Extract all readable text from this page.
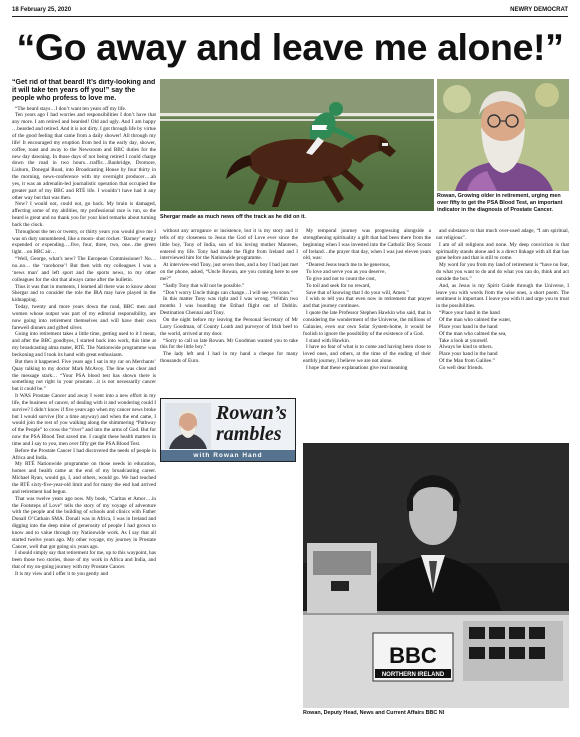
18 February 25, 2020	NEWRY DEMOCRAT
“Go away and leave me alone!”
“Get rid of that beard! It’s dirty-looking and it will take ten years off you!” say the people who profess to love me.

“The beard stays…I don’t want ten years off my life.

Ten years ago I had worries and responsibilities I don’t have that any more. I am retired and bearded! Old and ugly. And I am happy …bearded and retired. And it is not dirty. I got through life by virtue of the good feeling that came from a daily shower! All through my life! It encouraged my eruption from bed in the early day, shower, coffee, toast and away to the Newsroom and BBC duties for the new day dawning. In those days of not being retired I could charge down the road in two hours…traffic…Banbridge, Dromore, Lisburn, Donegal Road, into Broadcasting House by four thirty in the morning, news-conference with my overnight producer….ah yes, it was an adrenalin-led journalistic operation that occupied the greater part of my BBC and RTÉ life. I wouldn’t have had it any other way but that was then.

Now? I would not, could not, go back. My brain is damaged, affecting some of my abilities, my professional race is run, so the beard is great and no thank you for your kind remarks about turning back the clock.

Throughout the ten or twenty, or thirty years you would give me I was on duty unnumbered, like a moon- shot rocket. ‘Barney’ energy expended or expending….five, four, three, two, one…the green light…on BBC air…

“Well, George, what’s new? The European Commissioner? No…no..no… the ‘racehorse’! But then with my colleagues I was a ‘news man’ and left sport and the sports news, to my other colleagues for the slot that always came after the bulletin.

Thus it was that in moments, I learned all there was to know about Shergar and to consider the role the IRA may have played in the kidnapping.

Today, twenty and more years down the road, BBC men and women whose output was part of my editorial responsibility, are now going into retirement themselves and will have their own farewell dinners and gifted silver.

Going into retirement takes a little time, getting used to it I mean, and after the BBC goodbyes, I started back into work, this time at my broadcasting alma mater, RTÉ. The Nationwide programme was beckoning and I took its hand with great enthusiasm.

But then it happened. Five years ago I sat in my car on Merchants’ Quay talking to my doctor Mark McAvoy. The line was clear and the message stark… “Your PSA blood test has shown there is something not right in your prostate…it is not necessarily cancer but it could be.”

It WAS Prostate Cancer and away I went into a new effort in my life, the business of cancer, of dealing with it and wondering could I survive? I didn’t know if five years ago when my cancer news broke but I would survive (for a time anyway) and when the end came, I would join the rest of you walking along the shimmering “Pathway of the People” to cross the “river” and into the arms of God. But for now the PSA Blood Test saved me. I caught these health matters in time and I say to you, men over fifty get the PSA Blood Test.

Before the Prostate Cancer I had discovered the needs of people in Africa and India.

My RTÉ Nationwide programme on those needs in education, homes and health came at the end of my broadcasting career. Michael Ryan, would go, I, and others, would go. We had reached the RTÉ sixty-five-year-old limit and for many the end had arrived and retirement had begun.

That was twelve years ago now. My book, “Caritas et Amor….in the Footsteps of Love” tells the story of my voyage of adventure with the people and the building of schools and clinics with Father Donall O’Cathain SMA. Donall was in Africa, I was in Ireland and digging into the deep mine of generosity of people I had grown to know and to value through my Nationwide work. As I say that all started twelve years ago. My other voyage, my journey in Prostate Cancer, well that got going six years ago.

I should simply say that retirement for me, up to this waypoint, has been those two stories, those of my work in Africa and India, and that of my on-going journey with my Prostate Cancer.

It is my view and I offer it to you gently and

Shergar made as much news off the track as he did on it.
Rowan, Growing older in retirement, urging men over fifty to get the PSA Blood Test, an important indicator in the diagnosis of Prostate Cancer.

without any arrogance or insistence, but it is my story and it tells of my closeness to Jesus the God of Love ever since the little boy, Tony of India, son of his loving mother Maureen, entered my life. Tony had made the flight from Ireland and I interviewed him for the Nationwide programme.

At interview-end Tony, just seven then, and a boy I had just met on the phone, asked, “Uncle Rowan, are you coming here to see me?”

“Sadly Tony that will not be possible.”

“Don’t worry Uncle things can change…I will see you soon.”

In this matter Tony was right and I was wrong. “Within two months I was boarding the Etihad flight out of Dublin. Destination Chennai and Tony.

On the night before my leaving the Personal Secretary of Mr Larry Goodman, of County Louth and purveyor of Irish beef to the world, arrived at my door.

“Sorry to call so late Rowan. Mr Goodman wanted you to take this for the little boy.”

The lady left and I had in my hand a cheque for many thousands of Euro.

Rowan’s rambles
with Rowan Hand

My temporal journey was progressing alongside a strengthening spirituality a gift that had been there from the beginning when I was invested into the Catholic Boy Scouts of Ireland…the prayer that day, when I was just eleven years old, was:

“Dearest Jesus teach me to be generous,

To love and serve you as you deserve,

To give and not to count the cost,

To toil and seek for no reward,

Save that of knowing that I do your will, Amen.”

I wish to tell you that even now in retirement that prayer and that journey continues.

I quote the late Professor Stephen Hawkin who said, that in considering the wonderment of the Universe, the millions of Galaxies, even our own Solar System-home, it would be foolish to ignore the possibility of the existence of a God.

I stand with Hawkin.

I have no fear of what is to come and having been close to loved ones, and others, at the time of the ending of their earthly journey, I believe we are not alone.

I hope that these explanations give real meaning

and substance to that much over-used adage, “I am spiritual, not religious”.

I am of all religions and none. My deep conviction is that spirituality stands alone and is a direct linkage with all that has gone before and that is still to come.

My word for you from my land of retirement is “have no fear, do what you want to do and do what you can do, think and act outside the box.”

And, as Jesus is my Spirit Guide through the Universe, I leave you with words from the wise ones, a short poem. The sentiment is important. I leave you with it and urge you to trust in the possibilities.

“Place your hand in the hand

Of the man who calmed the water,

Place your hand in the hand

Of the man who calmed the sea,

Take a look at yourself.

Always be kind to others.

Place your hand in the hand

Of the Man from Galilee.”

Go well dear friends.

BBC
NORTHERN IRELAND
Rowan, Deputy Head, News and Current Affairs BBC NI
